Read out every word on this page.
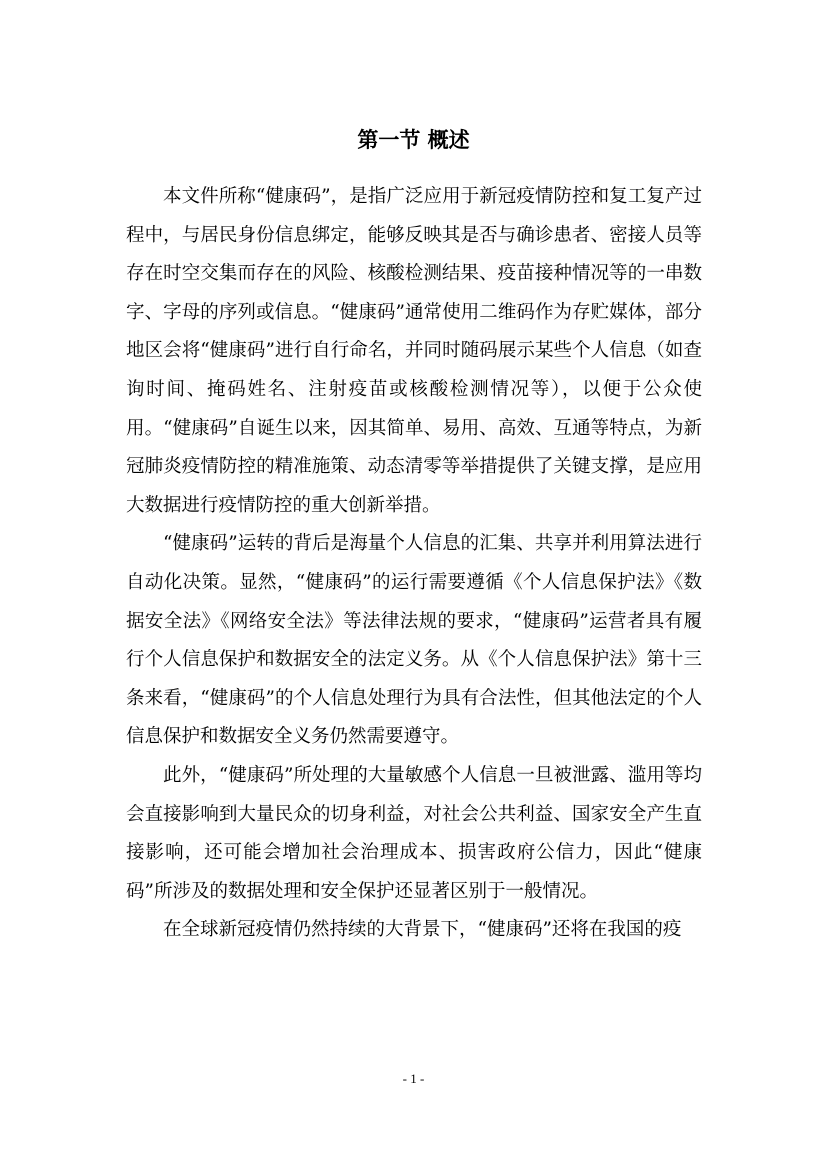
第一节 概述

本文件所称“健康码”，是指广泛应用于新冠疫情防控和复工复产过程中，与居民身份信息绑定，能够反映其是否与确诊患者、密接人员等存在时空交集而存在的风险、核酸检测结果、疫苗接种情况等的一串数字、字母的序列或信息。“健康码”通常使用二维码作为存贮媒体，部分地区会将“健康码”进行自行命名，并同时随码展示某些个人信息（如查询时间、掩码姓名、注射疫苗或核酸检测情况等），以便于公众使用。“健康码”自诞生以来，因其简单、易用、高效、互通等特点，为新冠肺炎疫情防控的精准施策、动态清零等举措提供了关键支撑，是应用大数据进行疫情防控的重大创新举措。

“健康码”运转的背后是海量个人信息的汇集、共享并利用算法进行自动化决策。显然，“健康码”的运行需要遵循《个人信息保护法》《数据安全法》《网络安全法》等法律法规的要求，“健康码”运营者具有履行个人信息保护和数据安全的法定义务。从《个人信息保护法》第十三条来看，“健康码”的个人信息处理行为具有合法性，但其他法定的个人信息保护和数据安全义务仍然需要遵守。

此外，“健康码”所处理的大量敏感个人信息一旦被泄露、滥用等均会直接影响到大量民众的切身利益，对社会公共利益、国家安全产生直接影响，还可能会增加社会治理成本、损害政府公信力，因此“健康码”所涉及的数据处理和安全保护还显著区别于一般情况。

在全球新冠疫情仍然持续的大背景下，“健康码”还将在我国的疫

- 1 -
